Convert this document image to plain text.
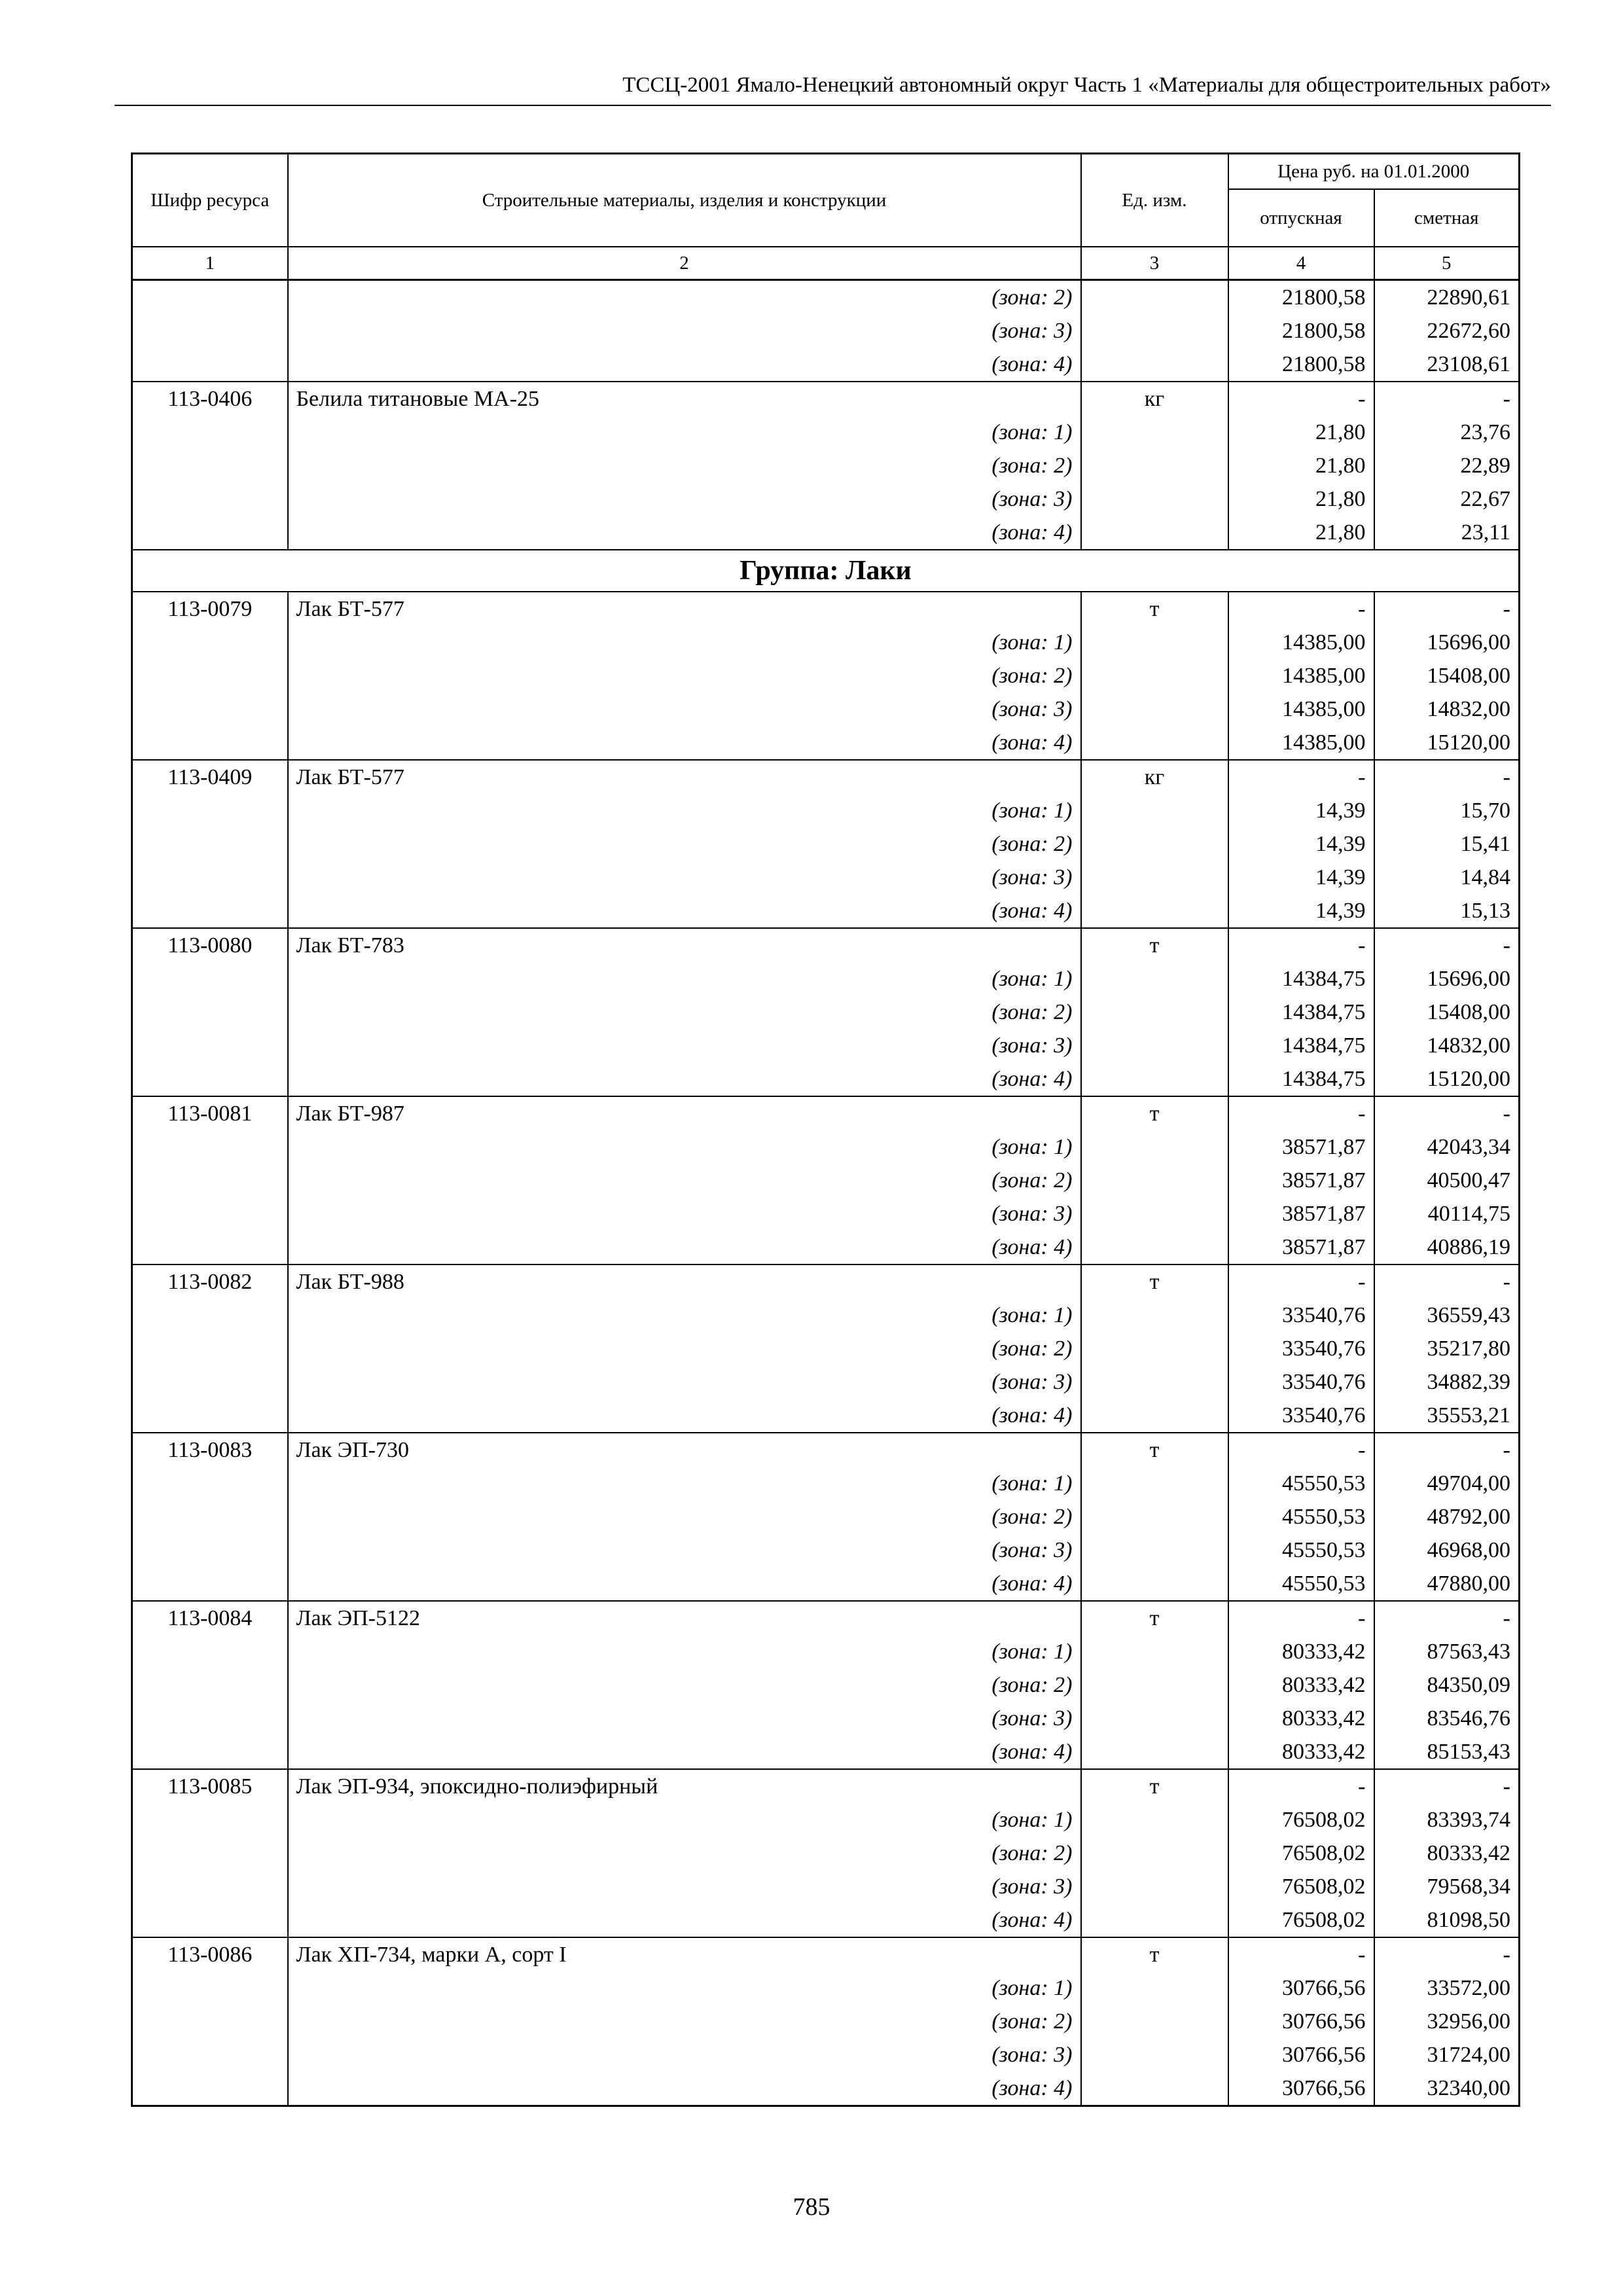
ТССЦ-2001 Ямало-Ненецкий автономный округ Часть 1 «Материалы для общестроительных работ»
Шифр ресурса	Строительные материалы, изделия и конструкции	Ед. изм.	Цена руб. на 01.01.2000	
			отпускная	сметная
1	2	3	4	5
	(зона: 2)		21800,58	22890,61
	(зона: 3)		21800,58	22672,60
	(зона: 4)		21800,58	23108,61
113-0406	Белила титановые МА-25	кг	-	-
	(зона: 1)		21,80	23,76
	(зона: 2)		21,80	22,89
	(зона: 3)		21,80	22,67
	(зона: 4)		21,80	23,11
Группа: Лаки				
113-0079	Лак БТ-577	т	-	-
	(зона: 1)		14385,00	15696,00
	(зона: 2)		14385,00	15408,00
	(зона: 3)		14385,00	14832,00
	(зона: 4)		14385,00	15120,00
113-0409	Лак БТ-577	кг	-	-
	(зона: 1)		14,39	15,70
	(зона: 2)		14,39	15,41
	(зона: 3)		14,39	14,84
	(зона: 4)		14,39	15,13
113-0080	Лак БТ-783	т	-	-
	(зона: 1)		14384,75	15696,00
	(зона: 2)		14384,75	15408,00
	(зона: 3)		14384,75	14832,00
	(зона: 4)		14384,75	15120,00
113-0081	Лак БТ-987	т	-	-
	(зона: 1)		38571,87	42043,34
	(зона: 2)		38571,87	40500,47
	(зона: 3)		38571,87	40114,75
	(зона: 4)		38571,87	40886,19
113-0082	Лак БТ-988	т	-	-
	(зона: 1)		33540,76	36559,43
	(зона: 2)		33540,76	35217,80
	(зона: 3)		33540,76	34882,39
	(зона: 4)		33540,76	35553,21
113-0083	Лак ЭП-730	т	-	-
	(зона: 1)		45550,53	49704,00
	(зона: 2)		45550,53	48792,00
	(зона: 3)		45550,53	46968,00
	(зона: 4)		45550,53	47880,00
113-0084	Лак ЭП-5122	т	-	-
	(зона: 1)		80333,42	87563,43
	(зона: 2)		80333,42	84350,09
	(зона: 3)		80333,42	83546,76
	(зона: 4)		80333,42	85153,43
113-0085	Лак ЭП-934, эпоксидно-полиэфирный	т	-	-
	(зона: 1)		76508,02	83393,74
	(зона: 2)		76508,02	80333,42
	(зона: 3)		76508,02	79568,34
	(зона: 4)		76508,02	81098,50
113-0086	Лак ХП-734, марки А, сорт I	т	-	-
	(зона: 1)		30766,56	33572,00
	(зона: 2)		30766,56	32956,00
	(зона: 3)		30766,56	31724,00
	(зона: 4)		30766,56	32340,00
785
